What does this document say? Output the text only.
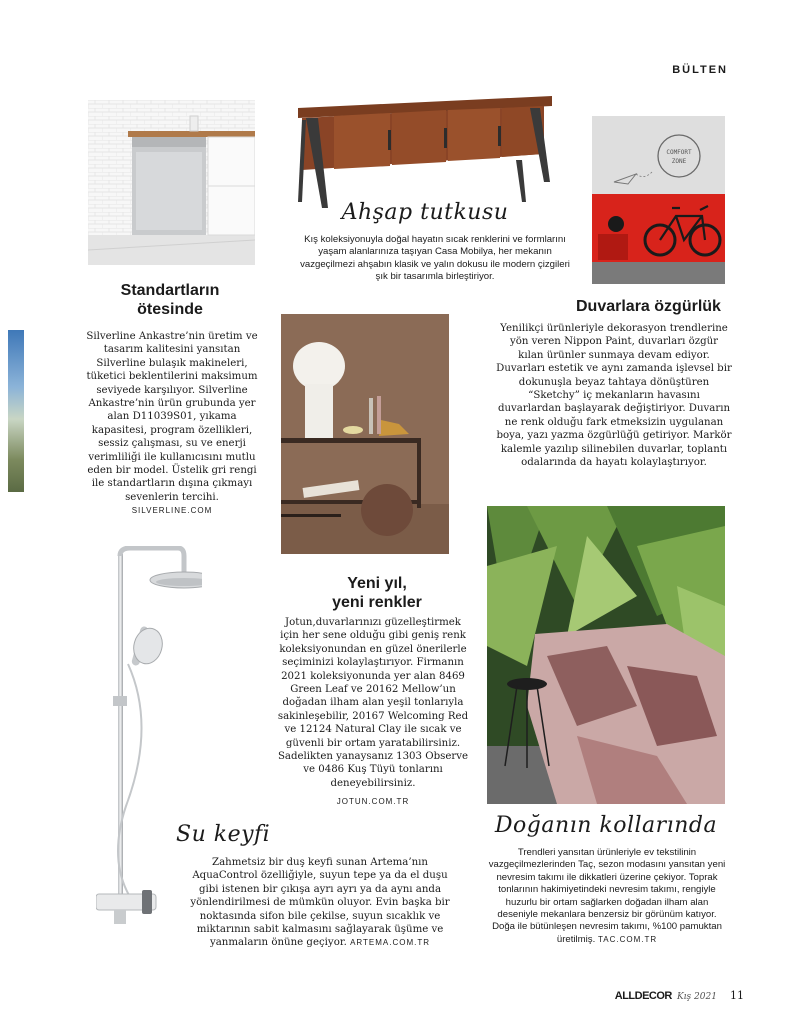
BÜLTEN
Ahşap tutkusu
Kış koleksiyonuyla doğal hayatın sıcak renklerini ve formlarını yaşam alanlarınıza taşıyan Casa Mobilya, her mekanın vazgeçilmezi ahşabın klasik ve yalın dokusu ile modern çizgileri şık bir tasarımla birleştiriyor.
COMFORT
ZONE
Standartların ötesinde
Silverline Ankastre’nin üretim ve tasarım kalitesini yansıtan Silverline bulaşık makineleri, tüketici beklentilerini maksimum seviyede karşılıyor. Silverline Ankastre’nin ürün grubunda yer alan D11039S01, yıkama kapasitesi, program özellikleri, sessiz çalışması, su ve enerji verimliliği ile kullanıcısını mutlu eden bir model. Üstelik gri rengi ile standartların dışına çıkmayı sevenlerin tercihi. SILVERLINE.COM
Duvarlara özgürlük
Yenilikçi ürünleriyle dekorasyon trendlerine yön veren Nippon Paint, duvarları özgür kılan ürünler sunmaya devam ediyor. Duvarları estetik ve aynı zamanda işlevsel bir dokunuşla beyaz tahtaya dönüştüren “Sketchy” iç mekanların havasını duvarlardan başlayarak değiştiriyor. Duvarın ne renk olduğu fark etmeksizin uygulanan boya, yazı yazma özgürlüğü getiriyor. Markör kalemle yazılıp silinebilen duvarlar, toplantı odalarında da hayatı kolaylaştırıyor.
Yeni yıl,
yeni renkler
Jotun,duvarlarınızı güzelleştirmek için her sene olduğu gibi geniş renk koleksiyonundan en güzel önerilerle seçiminizi kolaylaştırıyor. Firmanın 2021 koleksiyonunda yer alan 8469 Green Leaf ve 20162 Mellow’un doğadan ilham alan yeşil tonlarıyla sakinleşebilir, 20167 Welcoming Red ve 12124 Natural Clay ile sıcak ve güvenli bir ortam yaratabilirsiniz. Sadelikten yanaysanız 1303 Observe ve 0486 Kuş Tüyü tonlarını deneyebilirsiniz.
JOTUN.COM.TR
Doğanın kollarında
Trendleri yansıtan ürünleriyle ev tekstilinin vazgeçilmezlerinden Taç, sezon modasını yansıtan yeni nevresim takımı ile dikkatleri üzerine çekiyor. Toprak tonlarının hakimiyetindeki nevresim takımı, rengiyle huzurlu bir ortam sağlarken doğadan ilham alan deseniyle mekanlara benzersiz bir görünüm katıyor. Doğa ile bütünleşen nevresim takımı, %100 pamuktan üretilmiş. TAC.COM.TR
Su keyfi
Zahmetsiz bir duş keyfi sunan Artema’nın AquaControl özelliğiyle, suyun tepe ya da el duşu gibi istenen bir çıkışa ayrı ayrı ya da aynı anda yönlendirilmesi de mümkün oluyor. Evin başka bir noktasında sifon bile çekilse, suyun sıcaklık ve miktarının sabit kalmasını sağlayarak üşüme ve yanmaların önüne geçiyor. ARTEMA.COM.TR
ALLDECOR Kış 2021 11
